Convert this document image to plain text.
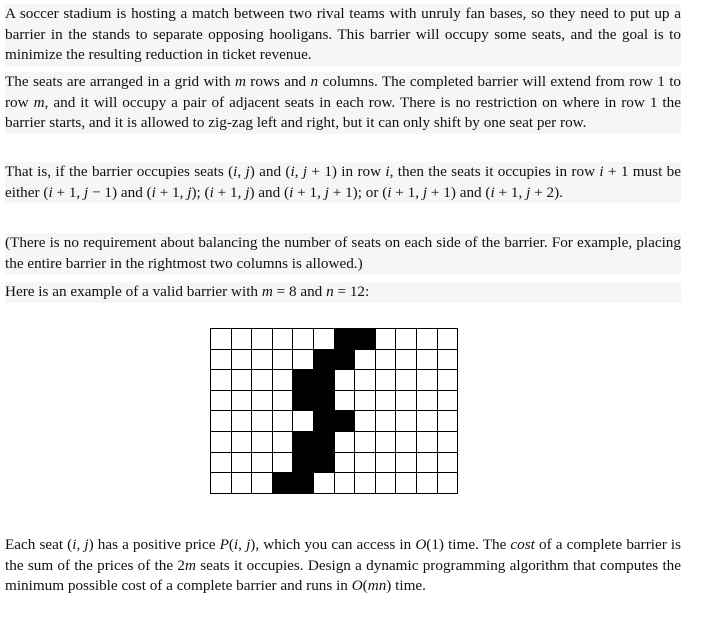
A soccer stadium is hosting a match between two rival teams with unruly fan bases, so they need to put up a barrier in the stands to separate opposing hooligans. This barrier will occupy some seats, and the goal is to minimize the resulting reduction in ticket revenue.
The seats are arranged in a grid with m rows and n columns. The completed barrier will extend from row 1 to row m, and it will occupy a pair of adjacent seats in each row. There is no restriction on where in row 1 the barrier starts, and it is allowed to zig-zag left and right, but it can only shift by one seat per row.
That is, if the barrier occupies seats (i, j) and (i, j + 1) in row i, then the seats it occupies in row i + 1 must be either (i + 1, j − 1) and (i + 1, j); (i + 1, j) and (i + 1, j + 1); or (i + 1, j + 1) and (i + 1, j + 2).
(There is no requirement about balancing the number of seats on each side of the barrier. For example, placing the entire barrier in the rightmost two columns is allowed.)
Here is an example of a valid barrier with m = 8 and n = 12:

Each seat (i, j) has a positive price P(i, j), which you can access in O(1) time. The cost of a complete barrier is the sum of the prices of the 2m seats it occupies. Design a dynamic programming algorithm that computes the minimum possible cost of a complete barrier and runs in O(mn) time.
